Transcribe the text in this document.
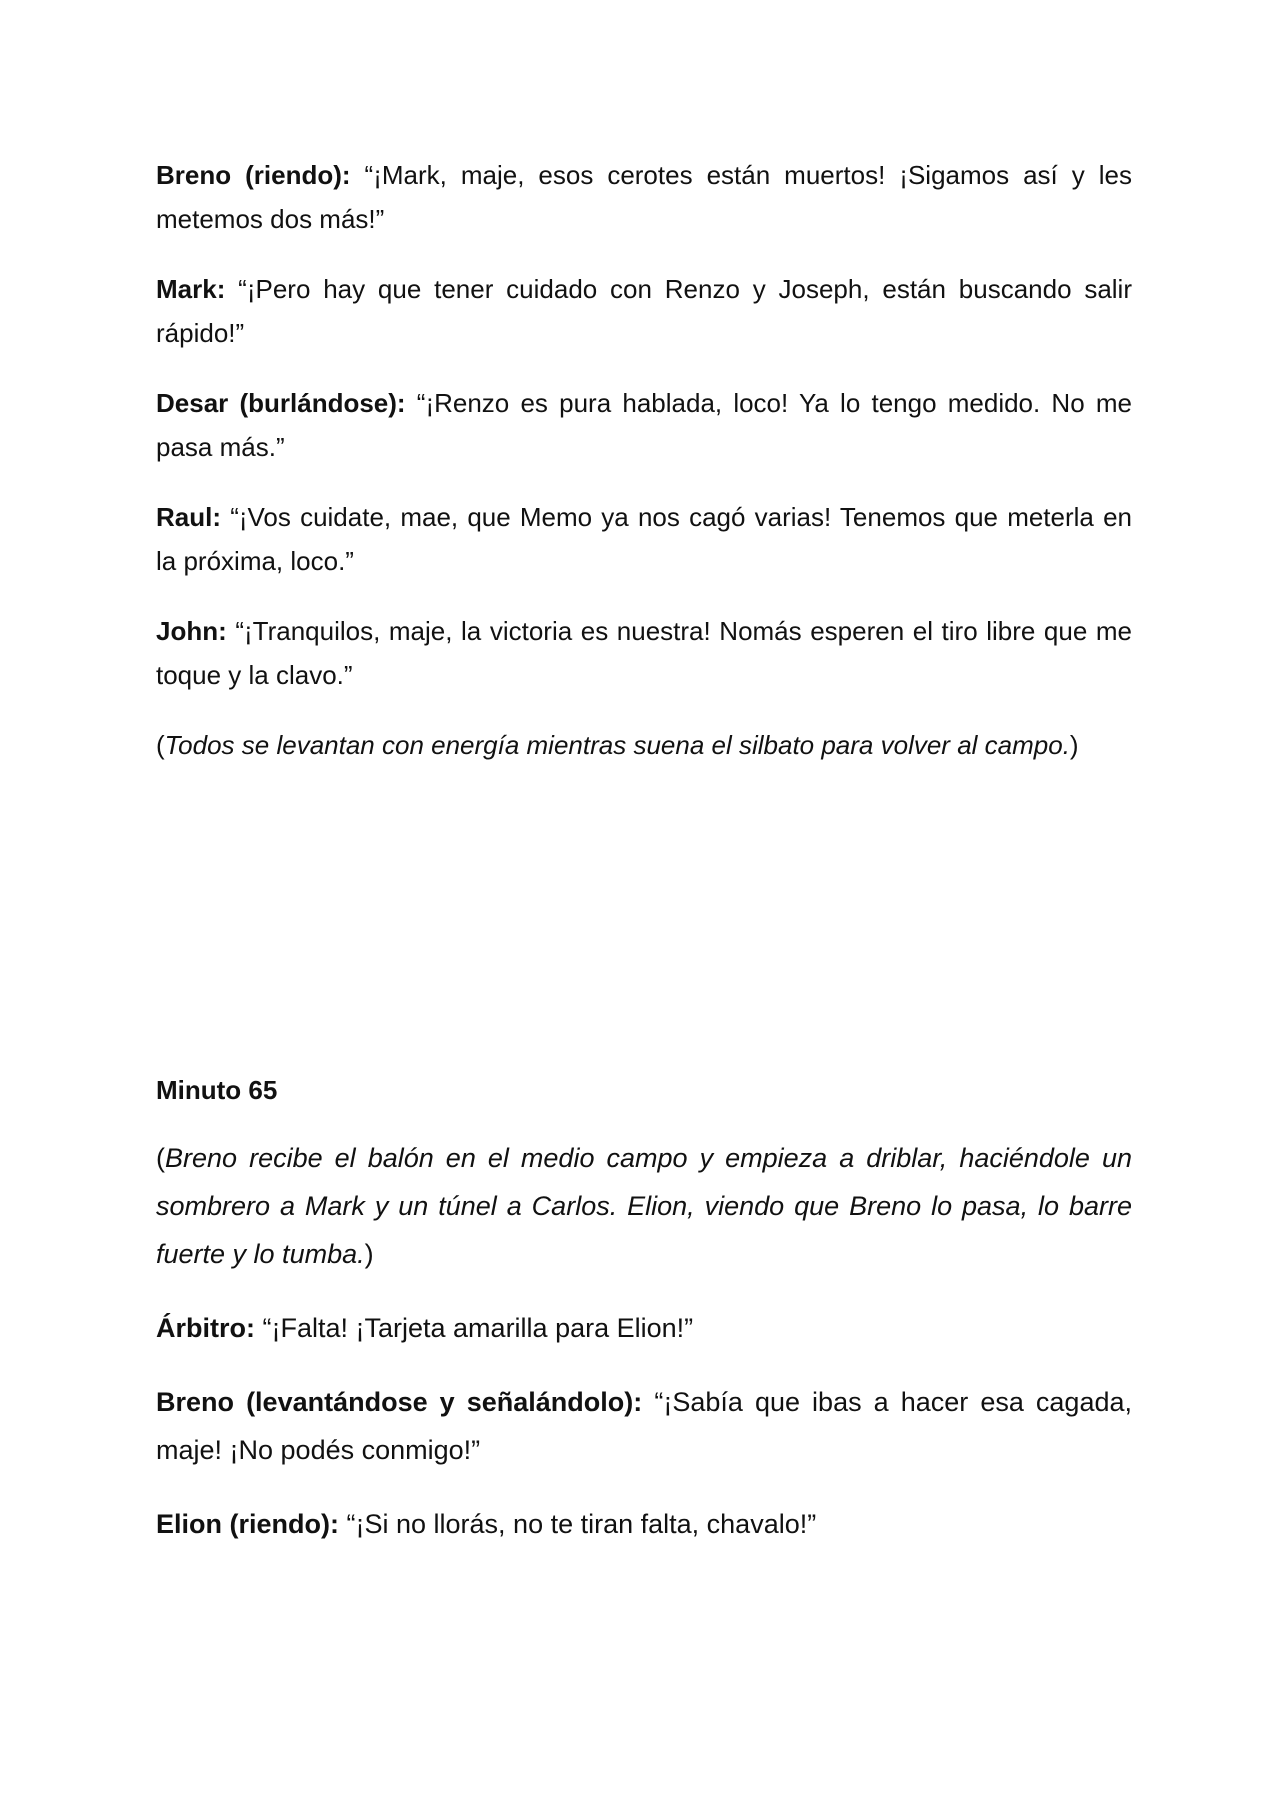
Breno (riendo): “¡Mark, maje, esos cerotes están muertos! ¡Sigamos así y les metemos dos más!”

Mark: “¡Pero hay que tener cuidado con Renzo y Joseph, están buscando salir rápido!”

Desar (burlándose): “¡Renzo es pura hablada, loco! Ya lo tengo medido. No me pasa más.”

Raul: “¡Vos cuidate, mae, que Memo ya nos cagó varias! Tenemos que meterla en la próxima, loco.”

John: “¡Tranquilos, maje, la victoria es nuestra! Nomás esperen el tiro libre que me toque y la clavo.”

(Todos se levantan con energía mientras suena el silbato para volver al campo.)

Minuto 65

(Breno recibe el balón en el medio campo y empieza a driblar, haciéndole un sombrero a Mark y un túnel a Carlos. Elion, viendo que Breno lo pasa, lo barre fuerte y lo tumba.)

Árbitro: “¡Falta! ¡Tarjeta amarilla para Elion!”

Breno (levantándose y señalándolo): “¡Sabía que ibas a hacer esa cagada, maje! ¡No podés conmigo!”

Elion (riendo): “¡Si no llorás, no te tiran falta, chavalo!”
